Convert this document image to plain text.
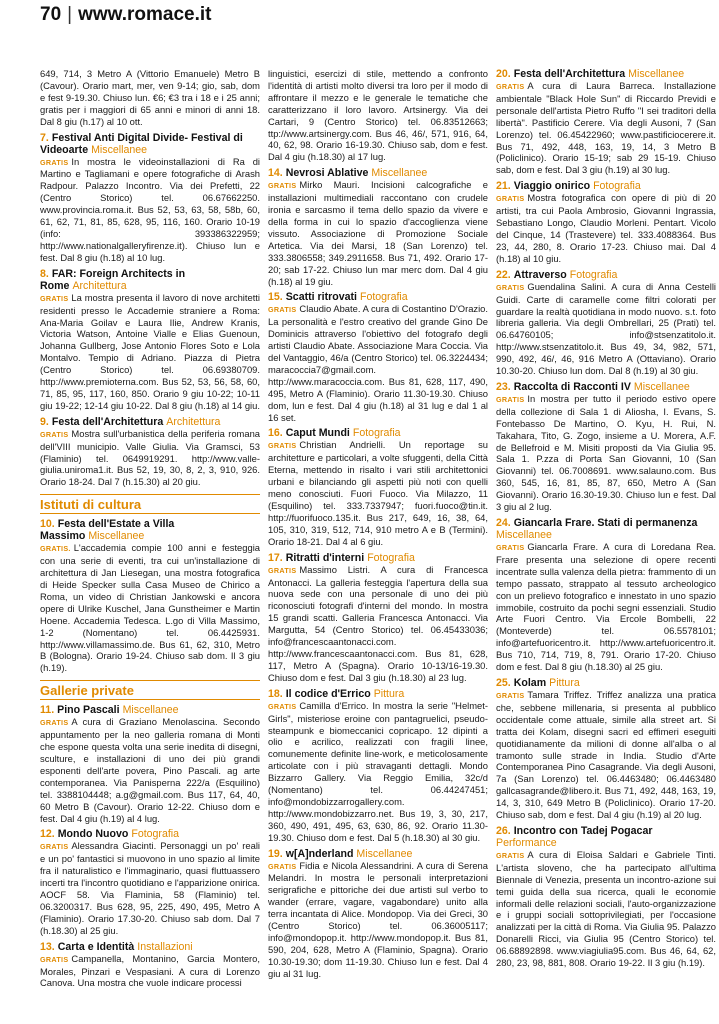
70 | www.romace.it
649, 714, 3 Metro A (Vittorio Emanuele) Metro B (Cavour). Orario mart, mer, ven 9-14; gio, sab, dom e fest 9-19.30. Chiuso lun. €6; €3 tra i 18 e i 25 anni; gratis per i maggiori di 65 anni e minori di anni 18. Dal 8 giu (h.17) al 10 ott.
7. Festival Anti Digital Divide- Festival di Videoarte Miscellanee
GRATIS In mostra le videoinstallazioni di Ra di Martino e Tagliamani e opere fotografiche di Arash Radpour. Palazzo Incontro. Via dei Prefetti, 22 (Centro Storico) tel. 06.67662250. www.provincia.roma.it. Bus 52, 53, 63, 58, 58b, 60, 61, 62, 71, 81, 85, 628, 95, 116, 160. Orario 10-19 (info: 393386322959; http://www.nationalgalleryfirenze.it). Chiuso lun e fest. Dal 8 giu (h.18) al 10 lug.
8. FAR: Foreign Architects in Rome Architettura
GRATIS La mostra presenta il lavoro di nove architetti residenti presso le Accademie straniere a Roma: Ana-Maria Goilav e Laura Ilie, Andrew Kranis, Victoria Watson, Antoine Vialle e Elias Guenoun, Johanna Gullberg, Jose Antonio Flores Soto e Lola Montalvo. Tempio di Adriano. Piazza di Pietra (Centro Storico) tel. 06.69380709. http://www.premioterna.com. Bus 52, 53, 56, 58, 60, 71, 85, 95, 117, 160, 850. Orario 9 giu 10-22; 10-11 giu 19-22; 12-14 giu 10-22. Dal 8 giu (h.18) al 14 giu.
9. Festa dell'Architettura Architettura
GRATIS Mostra sull'urbanistica della periferia romana dell'VIII municipio. Valle Giulia. Via Gramsci, 53 (Flaminio) tel. 0649919291. http://www.valle-giulia.uniroma1.it. Bus 52, 19, 30, 8, 2, 3, 910, 926. Orario 18-24. Dal 7 (h.15.30) al 20 giu.
Istituti di cultura
10. Festa dell'Estate a Villa Massimo Miscellanee
GRATIS. L'accademia compie 100 anni e festeggia con una serie di eventi, tra cui un'installazione di architettura di Jan Liesegan, una mostra fotografica di Heide Specker sulla Casa Museo de Chirico a Roma, un video di Christian Jankowski e ancora opere di Ulrike Kuschel, Jana Gunstheimer e Martin Hoene. Accademia Tedesca. L.go di Villa Massimo, 1-2 (Nomentano) tel. 06.4425931. http://www.villamassimo.de. Bus 61, 62, 310, Metro B (Bologna). Orario 19-24. Chiuso sab dom. Il 3 giu (h.19).
Gallerie private
11. Pino Pascali Miscellanee
GRATIS A cura di Graziano Menolascina. Secondo appuntamento per la neo galleria romana di Monti che espone questa volta una serie inedita di disegni, sculture, e installazioni di uno dei più grandi esponenti dell'arte povera, Pino Pascali. ag arte contemporanea. Via Panisperna 222/a (Esquilino) tel. 3388104448; a.g@gmail.com. Bus 117, 64, 40, 60 Metro B (Cavour). Orario 12-22. Chiuso dom e fest. Dal 4 giu (h.19) al 4 lug.
12. Mondo Nuovo Fotografia
GRATIS Alessandra Giacinti. Personaggi un po' reali e un po' fantastici si muovono in uno spazio al limite fra il naturalistico e l'immaginario, quasi fluttuassero incerti tra l'incontro quotidiano e l'apparizione onirica. AOCF 58. Via Flaminia, 58 (Flaminio) tel. 06.3200317. Bus 628, 95, 225, 490, 495, Metro A (Flaminio). Orario 17.30-20. Chiuso sab dom. Dal 7 (h.18.30) al 25 giu.
13. Carta e Identità Installazioni
GRATIS Campanella, Montanino, Garcia Montero, Morales, Pinzari e Vespasiani. A cura di Lorenzo Canova. Una mostra che vuole indicare processi
linguistici, esercizi di stile, mettendo a confronto l'identità di artisti molto diversi tra loro per il modo di affrontare il mezzo e le generale le tematiche che caratterizzano il loro lavoro. Artsinergy. Via dei Cartari, 9 (Centro Storico) tel. 06.83512663; ttp://www.artsinergy.com. Bus 46, 46/, 571, 916, 64, 40, 62, 98. Orario 16-19.30. Chiuso sab, dom e fest. Dal 4 giu (h.18.30) al 17 lug.
14. Nevrosi Ablative Miscellanee
GRATIS Mirko Mauri. Incisioni calcografiche e installazioni multimediali raccontano con crudele ironia e sarcasmo il tema dello spazio da vivere e della forma in cui lo spazio d'accoglienza viene vissuto. Associazione di Promozione Sociale Artetica. Via dei Marsi, 18 (San Lorenzo) tel. 333.3806558; 349.2911658. Bus 71, 492. Orario 17-20; sab 17-22. Chiuso lun mar merc dom. Dal 4 giu (h.18) al 19 giu.
15. Scatti ritrovati Fotografia
GRATIS Claudio Abate. A cura di Costantino D'Orazio. La personalità e l'estro creativo del grande Gino De Dominicis attraverso l'obiettivo del fotografo degli artisti Claudio Abate. Associazione Mara Coccia. Via del Vantaggio, 46/a (Centro Storico) tel. 06.3224434; maracoccia7@gmail.com. http://www.maracoccia.com. Bus 81, 628, 117, 490, 495, Metro A (Flaminio). Orario 11.30-19.30. Chiuso dom, lun e fest. Dal 4 giu (h.18) al 31 lug e dal 1 al 16 set.
16. Caput Mundi Fotografia
GRATIS Christian Andrielli. Un reportage su architetture e particolari, a volte sfuggenti, della Città Eterna, mettendo in risalto i vari stili architettonici urbani e bilanciando gli aspetti più noti con quelli meno conosciuti. Fuori Fuoco. Via Milazzo, 11 (Esquilino) tel. 333.7337947; fuori.fuoco@tin.it. http://fuorifuoco.135.it. Bus 217, 649, 16, 38, 64, 105, 310, 319, 512, 714, 910 metro A e B (Termini). Orario 18-21. Dal 4 al 6 giu.
17. Ritratti d'interni Fotografia
GRATIS Massimo Listri. A cura di Francesca Antonacci. La galleria festeggia l'apertura della sua nuova sede con una personale di uno dei più riconosciuti fotografi d'interni del mondo. In mostra 15 grandi scatti. Galleria Francesca Antonacci. Via Margutta, 54 (Centro Storico) tel. 06.45433036; info@francescaantonacci.com. http://www.francescaantonacci.com. Bus 81, 628, 117, Metro A (Spagna). Orario 10-13/16-19.30. Chiuso dom e fest. Dal 3 giu (h.18.30) al 23 lug.
18. Il codice d'Errico Pittura
GRATIS Camilla d'Errico. In mostra la serie "Helmet-Girls", misteriose eroine con pantagruelici, pseudo-steampunk e biomeccanici copricapo. 12 dipinti a olio e acrilico, realizzati con fragili linee, comunemente definite line-work, e meticolosamente articolate con i più stravaganti dettagli. Mondo Bizzarro Gallery. Via Reggio Emilia, 32c/d (Nomentano) tel. 06.44247451; info@mondobizzarrogallery.com. http://www.mondobizzarro.net. Bus 19, 3, 30, 217, 360, 490, 491, 495, 63, 630, 86, 92. Orario 11.30-19.30. Chiuso dom e fest. Dal 5 (h.18.30) al 30 giu.
19. w[A]nderland Miscellanee
GRATIS Fidia e Nicola Alessandrini. A cura di Serena Melandri. In mostra le personali interpretazioni serigrafiche e pittoriche dei due artisti sul verbo to wander (errare, vagare, vagabondare) unito alla terra incantata di Alice. Mondopop. Via dei Greci, 30 (Centro Storico) tel. 06.36005117; info@mondopop.it. http://www.mondopop.it. Bus 81, 590, 204, 628, Metro A (Flaminio, Spagna). Orario 10.30-19.30; dom 11-19.30. Chiuso lun e fest. Dal 4 giu al 31 lug.
20. Festa dell'Architettura Miscellanee
GRATIS A cura di Laura Barreca. Installazione ambientale "Black Hole Sun" di Riccardo Previdi e personale dell'artista Pietro Ruffo "I sei traditori della libertà". Pastificio Cerere. Via degli Ausoni, 7 (San Lorenzo) tel. 06.45422960; www.pastificiocerere.it. Bus 71, 492, 448, 163, 19, 14, 3 Metro B (Policlinico). Orario 15-19; sab 29 15-19. Chiuso sab, dom e fest. Dal 3 giu (h.19) al 30 lug.
21. Viaggio onirico Fotografia
GRATIS Mostra fotografica con opere di più di 20 artisti, tra cui Paola Ambrosio, Giovanni Ingrassia, Sebastiano Longo, Claudio Morleni. Pentart. Vicolo del Cinque, 14 (Trastevere) tel. 333.4088364. Bus 23, 44, 280, 8. Orario 17-23. Chiuso mai. Dal 4 (h.18) al 10 giu.
22. Attraverso Fotografia
GRATIS Guendalina Salini. A cura di Anna Cestelli Guidi. Carte di caramelle come filtri colorati per guardare la realtà quotidiana in modo nuovo. s.t. foto libreria galleria. Via degli Ombrellari, 25 (Prati) tel. 06.64760105; info@stsenzatitolo.it. http://www.stsenzatitolo.it. Bus 49, 34, 982, 571, 990, 492, 46/, 46, 916 Metro A (Ottaviano). Orario 10.30-20. Chiuso lun dom. Dal 8 (h.19) al 30 giu.
23. Raccolta di Racconti IV Miscellanee
GRATIS In mostra per tutto il periodo estivo opere della collezione di Sala 1 di Aliosha, I. Evans, S. Fontebasso De Martino, O. Kyu, H. Rui, N. Takahara, Tito, G. Zogo, insieme a U. Morera, A.F. de Bellefroid e M. Misiti proposti da Via Giulia 95. Sala 1. P.zza di Porta San Giovanni, 10 (San Giovanni) tel. 06.7008691. www.salauno.com. Bus 360, 545, 16, 81, 85, 87, 650, Metro A (San Giovanni). Orario 16.30-19.30. Chiuso lun e fest. Dal 3 giu al 2 lug.
24. Giancarla Frare. Stati di permanenza
Miscellanee
GRATIS Giancarla Frare. A cura di Loredana Rea. Frare presenta una selezione di opere recenti incentrate sulla valenza della pietra: frammento di un tempo passato, strappato al tessuto archeologico con un prelievo fotografico e innestato in uno spazio immobile, costruito da pochi segni essenziali. Studio Arte Fuori Centro. Via Ercole Bombelli, 22 (Monteverde) tel. 06.5578101; info@artefuoricentro.it. http://www.artefuoricentro.it. Bus 710, 714, 719, 8, 791. Orario 17-20. Chiuso dom e fest. Dal 8 giu (h.18.30) al 25 giu.
25. Kolam Pittura
GRATIS Tamara Triffez. Triffez analizza una pratica che, sebbene millenaria, si presenta al pubblico occidentale come attuale, simile alla street art. Si tratta dei Kolam, disegni sacri ed effimeri eseguiti quotidianamente da milioni di donne all'alba o al tramonto sulle strade in India. Studio d'Arte Contemporanea Pino Casagrande. Via degli Ausoni, 7a (San Lorenzo) tel. 06.4463480; 06.4463480 gallcasagrande@libero.it. Bus 71, 492, 448, 163, 19, 14, 3, 310, 649 Metro B (Policlinico). Orario 17-20. Chiuso sab, dom e fest. Dal 4 giu (h.19) al 20 lug.
26. Incontro con Tadej Pogacar
Performance
GRATIS A cura di Eloisa Saldari e Gabriele Tinti. L'artista sloveno, che ha partecipato all'ultima Biennale di Venezia, presenta un incontro-azione sui temi guida della sua ricerca, quali le economie informali delle relazioni sociali, l'auto-organizzazione e i gruppi sociali sottoprivilegiati, per l'occasione analizzati per la città di Roma. Via Giulia 95. Palazzo Donarelli Ricci, via Giulia 95 (Centro Storico) tel. 06.68892898. www.viagiulia95.com. Bus 46, 64, 62, 280, 23, 98, 881, 808. Orario 19-22. Il 3 giu (h.19).
